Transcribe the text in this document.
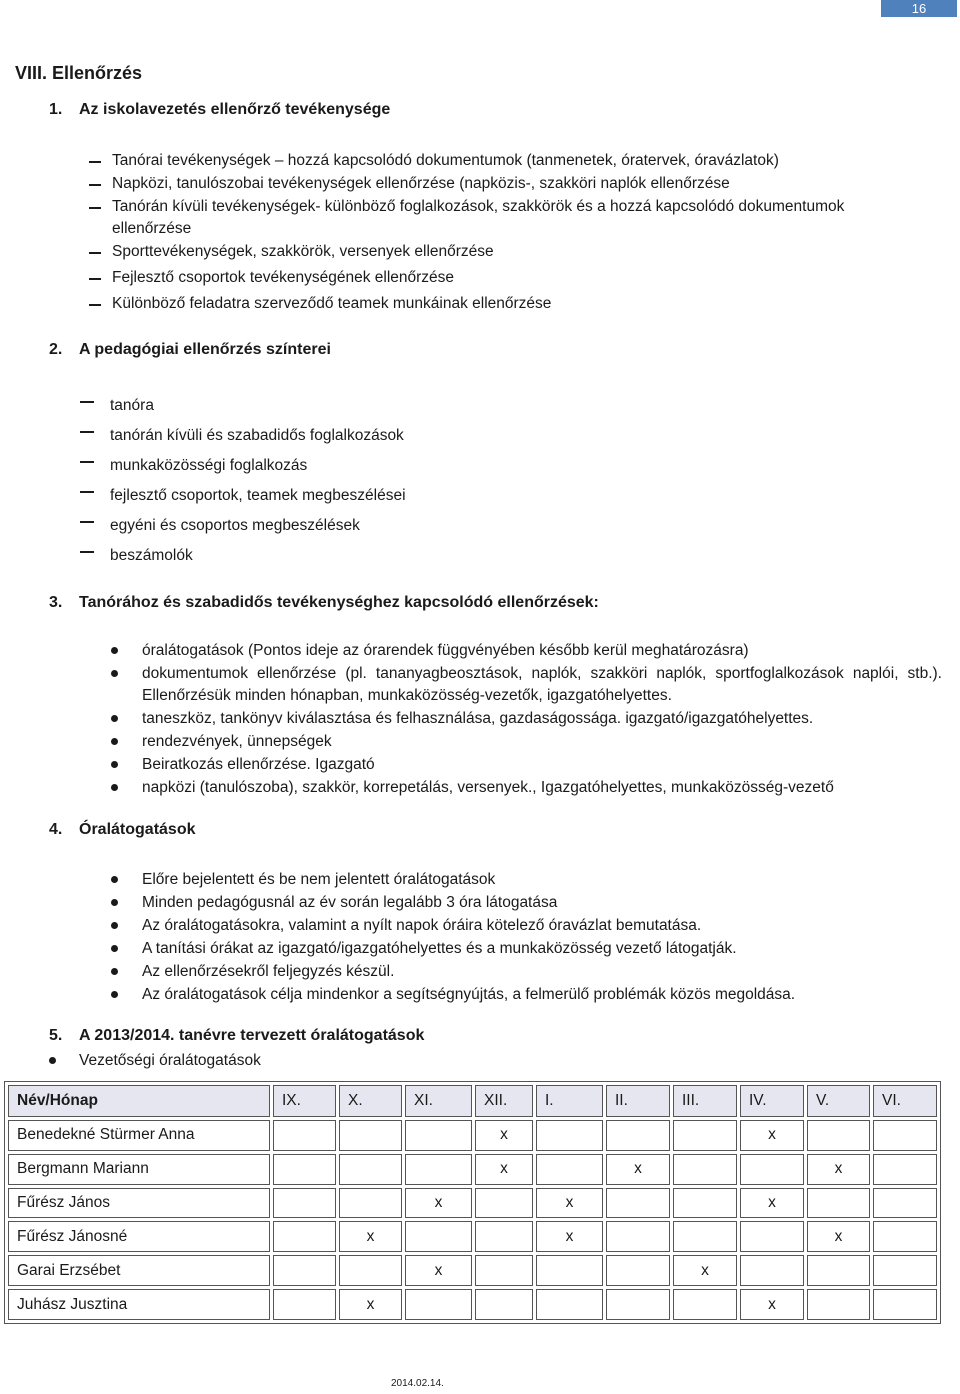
16
VIII. Ellenőrzés
1. Az iskolavezetés ellenőrző tevékenysége
Tanórai tevékenységek – hozzá kapcsolódó dokumentumok (tanmenetek, óratervek, óravázlatok)
Napközi, tanulószobai tevékenységek ellenőrzése (napközis-, szakköri naplók ellenőrzése
Tanórán kívüli tevékenységek- különböző foglalkozások, szakkörök és a hozzá kapcsolódó dokumentumok ellenőrzése
Sporttevékenységek, szakkörök, versenyek ellenőrzése
Fejlesztő csoportok tevékenységének ellenőrzése
Különböző feladatra szerveződő teamek munkáinak ellenőrzése
2. A pedagógiai ellenőrzés színterei
tanóra
tanórán kívüli és szabadidős foglalkozások
munkaközösségi foglalkozás
fejlesztő csoportok, teamek megbeszélései
egyéni és csoportos megbeszélések
beszámolók
3. Tanórához és szabadidős tevékenységhez kapcsolódó ellenőrzések:
óralátogatások (Pontos ideje az órarendek függvényében később kerül meghatározásra)
dokumentumok ellenőrzése (pl. tananyagbeosztások, naplók, szakköri naplók, sportfoglalkozások naplói, stb.). Ellenőrzésük minden hónapban, munkaközösség-vezetők, igazgatóhelyettes.
taneszköz, tankönyv kiválasztása és felhasználása, gazdaságossága. igazgató/igazgatóhelyettes.
rendezvények, ünnepségek
Beiratkozás ellenőrzése. Igazgató
napközi (tanulószoba), szakkör, korrepetálás, versenyek., Igazgatóhelyettes, munkaközösség-vezető
4. Óralátogatások
Előre bejelentett és be nem jelentett óralátogatások
Minden pedagógusnál az év során legalább 3 óra látogatása
Az óralátogatásokra, valamint a nyílt napok óráira kötelező óravázlat bemutatása.
A tanítási órákat az igazgató/igazgatóhelyettes és a munkaközösség vezető látogatják.
Az ellenőrzésekről feljegyzés készül.
Az óralátogatások célja mindenkor a segítségnyújtás, a felmerülő problémák közös megoldása.
5. A 2013/2014. tanévre tervezett óralátogatások
Vezetőségi óralátogatások
Név/Hónap	IX.	X.	XI.	XII.	I.	II.	III.	IV.	V.	VI.
Benedekné Stürmer Anna				x				x		
Bergmann Mariann				x		x			x	
Fűrész János			x		x			x		
Fűrész Jánosné		x			x				x	
Garai Erzsébet			x				x			
Juhász Jusztina		x						x		
2014.02.14.
